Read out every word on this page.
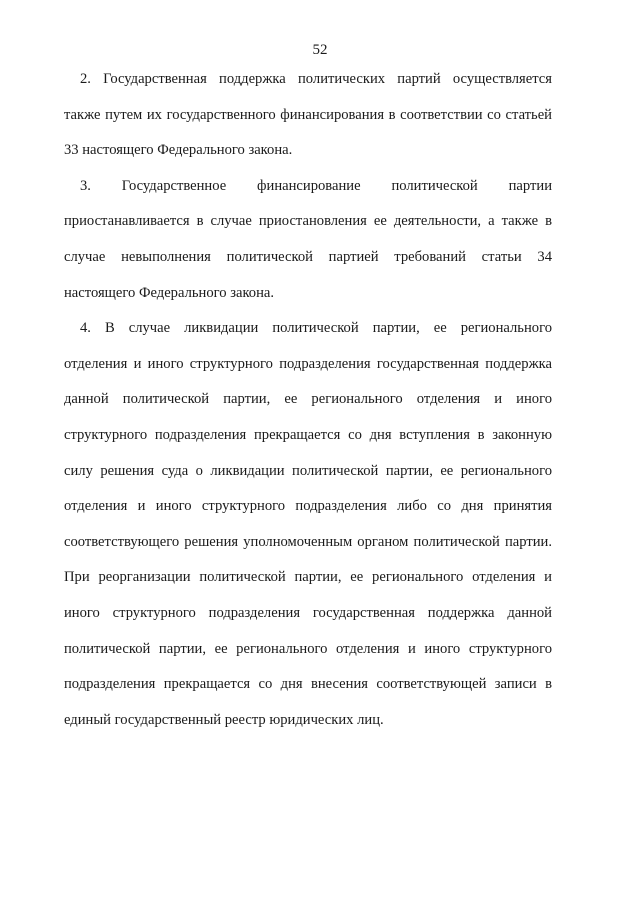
52
2. Государственная поддержка политических партий осуществляется
также путем их государственного финансирования в соответствии со статьей
33 настоящего Федерального закона.
3. Государственное финансирование политической партии
приостанавливается в случае приостановления ее деятельности, а также в
случае невыполнения политической партией требований статьи 34
настоящего Федерального закона.
4. В случае ликвидации политической партии, ее регионального
отделения и иного структурного подразделения государственная поддержка
данной политической партии, ее регионального отделения и иного
структурного подразделения прекращается со дня вступления в законную
силу решения суда о ликвидации политической партии, ее регионального
отделения и иного структурного подразделения либо со дня принятия
соответствующего решения уполномоченным органом политической партии.
При реорганизации политической партии, ее регионального отделения и
иного структурного подразделения государственная поддержка данной
политической партии, ее регионального отделения и иного структурного
подразделения прекращается со дня внесения соответствующей записи в
единый государственный реестр юридических лиц.
